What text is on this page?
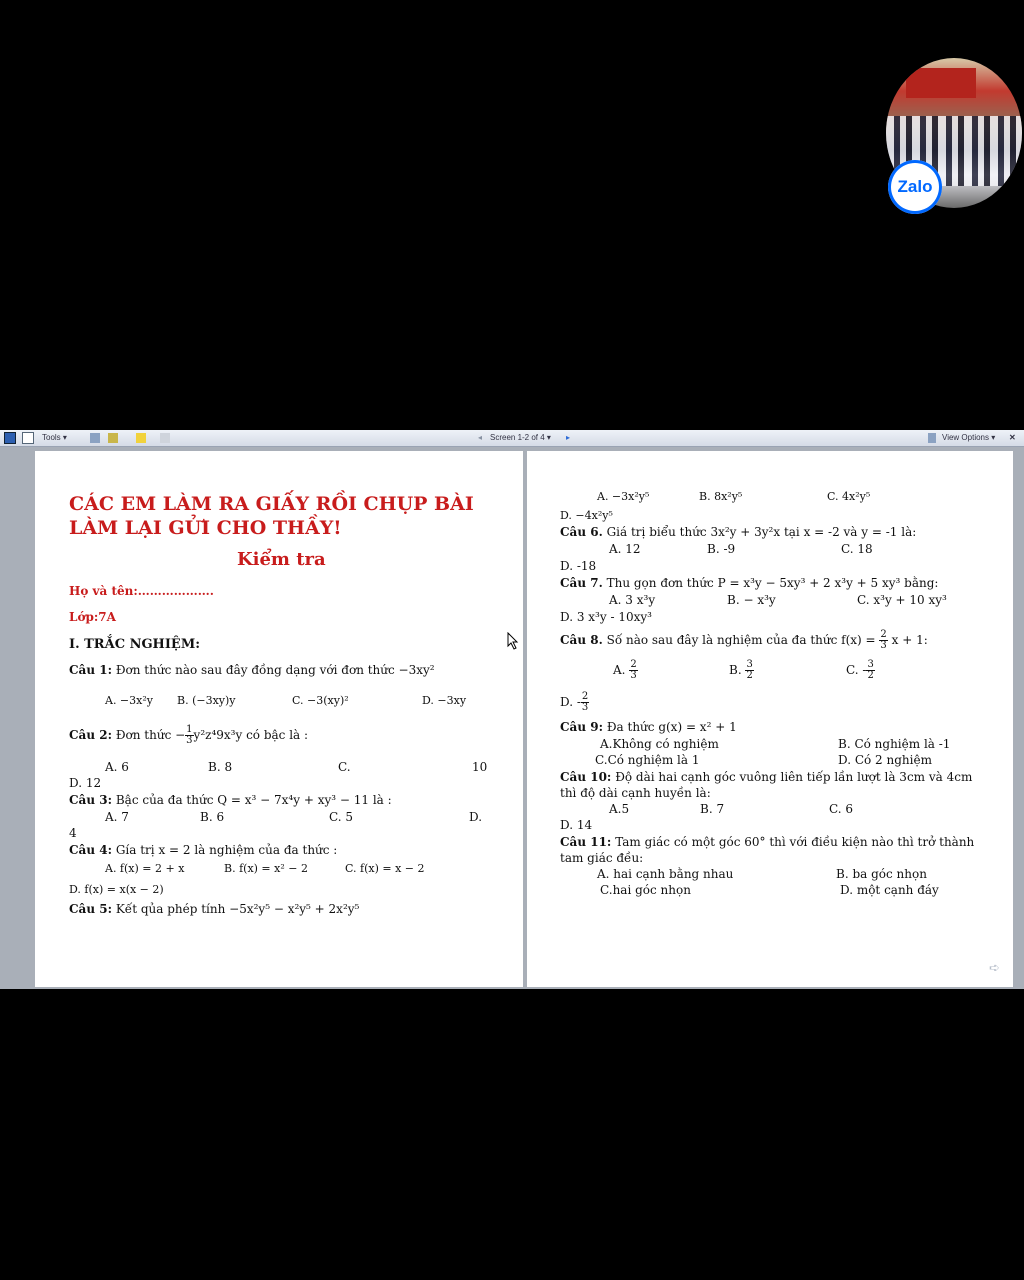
Zalo
Tools ▾	◂ Screen 1-2 of 4 ▾ ▸	View Options ▾ ✕
CÁC EM LÀM RA GIẤY RỒI CHỤP BÀI
LÀM LẠI GỬI CHO THẦY!
Kiểm tra
Họ và tên:……………….
Lớp:7A
I. TRẮC NGHIỆM:
Câu 1: Đơn thức nào sau đây đồng dạng với đơn thức −3xy²
A. −3x²y B. (−3xy)y	C. −3(xy)²	D. −3xy
Câu 2: Đơn thức − $\frac{1}{3} y^2z^49x^3y$ có bậc là :
A. 6	B. 8	C.	10
D. 12
Câu 3: Bậc của đa thức Q = x³ − 7x⁴y + xy³ − 11 là :
A. 7	B. 6	C. 5	D.
4
Câu 4: Gía trị x = 2 là nghiệm của đa thức :
A. f(x) = 2 + x	B. f(x) = x² − 2	C. f(x) = x − 2
D. f(x) = x(x − 2)
Câu 5: Kết qủa phép tính −5x²y⁵ − x²y⁵ + 2x²y⁵
A. −3x²y⁵	B. 8x²y⁵	C. 4x²y⁵
D. −4x²y⁵
Câu 6. Giá trị biểu thức 3x²y + 3y²x tại x = -2 và y = -1 là:
A. 12	B. -9	C. 18
D. -18
Câu 7. Thu gọn đơn thức P = x³y − 5xy³ + 2 x³y + 5 xy³ bằng:
A. 3 x³y	B. − x³y	C. x³y + 10 xy³
D. 3 x³y - 10xy³
Câu 8. Số nào sau đây là nghiệm của đa thức $f(x) = \frac{2}{3}$ x + 1:
A. $\frac{2}{3}$	B. $\frac{3}{2}$	C. - $\frac{3}{2}$
D. - $\frac{2}{3}$
Câu 9: Đa thức g(x) = x² + 1
A.Không có nghiệm	B. Có nghiệm là -1
C.Có nghiệm là 1	D. Có 2 nghiệm
Câu 10: Độ dài hai cạnh góc vuông liên tiếp lần lượt là 3cm và 4cm
thì độ dài cạnh huyền là:
A.5	B. 7	C. 6
D. 14
Câu 11: Tam giác có một góc 60° thì với điều kiện nào thì trở thành
tam giác đều:
A. hai cạnh bằng nhau	B. ba góc nhọn
C.hai góc nhọn	D. một cạnh đáy
➪
